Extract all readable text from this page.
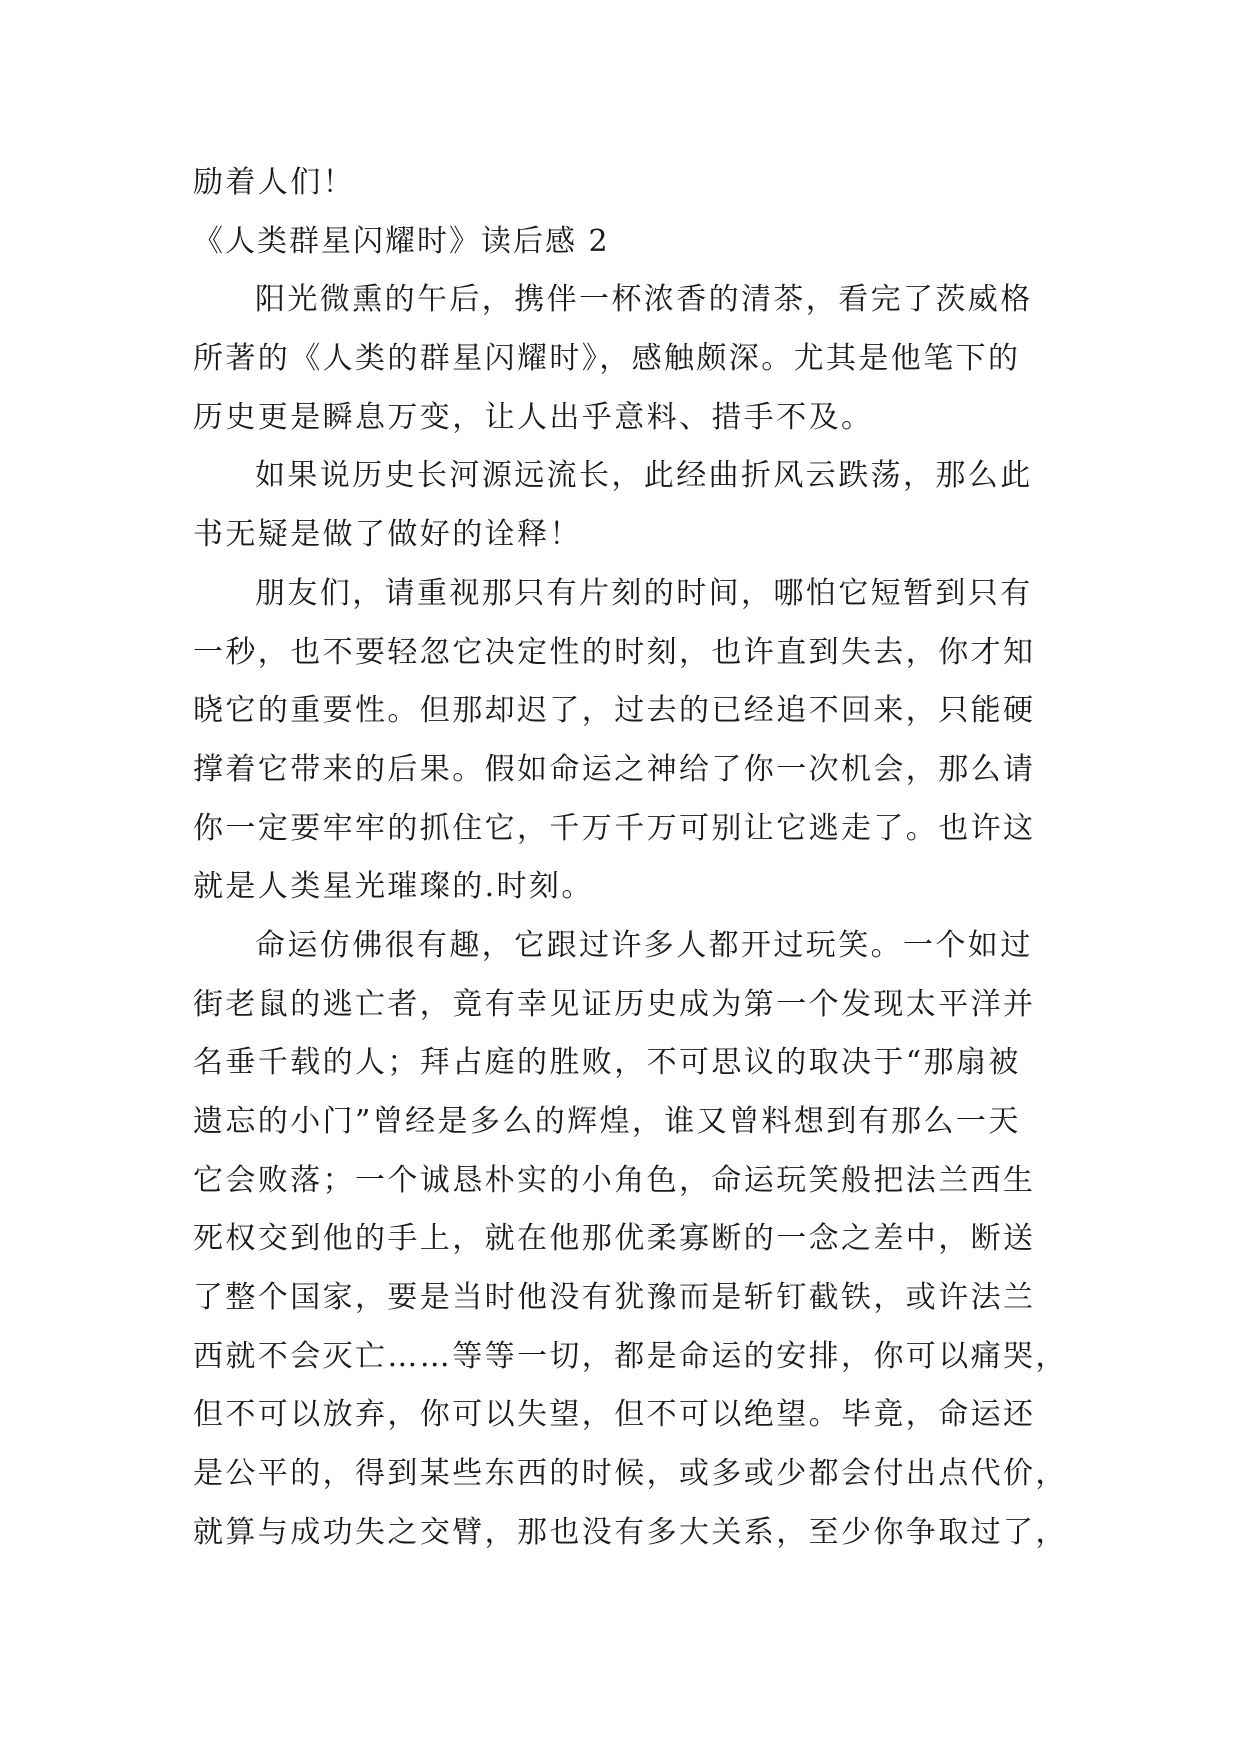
励着人们！

《人类群星闪耀时》读后感 2

阳光微熏的午后，携伴一杯浓香的清茶，看完了茨威格

所著的《人类的群星闪耀时》，感触颇深。尤其是他笔下的

历史更是瞬息万变，让人出乎意料、措手不及。

如果说历史长河源远流长，此经曲折风云跌荡，那么此

书无疑是做了做好的诠释！

朋友们，请重视那只有片刻的时间，哪怕它短暂到只有

一秒，也不要轻忽它决定性的时刻，也许直到失去，你才知

晓它的重要性。但那却迟了，过去的已经追不回来，只能硬

撑着它带来的后果。假如命运之神给了你一次机会，那么请

你一定要牢牢的抓住它，千万千万可别让它逃走了。也许这

就是人类星光璀璨的.时刻。

命运仿佛很有趣，它跟过许多人都开过玩笑。一个如过

街老鼠的逃亡者，竟有幸见证历史成为第一个发现太平洋并

名垂千载的人；拜占庭的胜败，不可思议的取决于“那扇被

遗忘的小门”曾经是多么的辉煌，谁又曾料想到有那么一天

它会败落；一个诚恳朴实的小角色，命运玩笑般把法兰西生

死权交到他的手上，就在他那优柔寡断的一念之差中，断送

了整个国家，要是当时他没有犹豫而是斩钉截铁，或许法兰

西就不会灭亡……等等一切，都是命运的安排，你可以痛哭，

但不可以放弃，你可以失望，但不可以绝望。毕竟，命运还

是公平的，得到某些东西的时候，或多或少都会付出点代价，

就算与成功失之交臂，那也没有多大关系，至少你争取过了，
